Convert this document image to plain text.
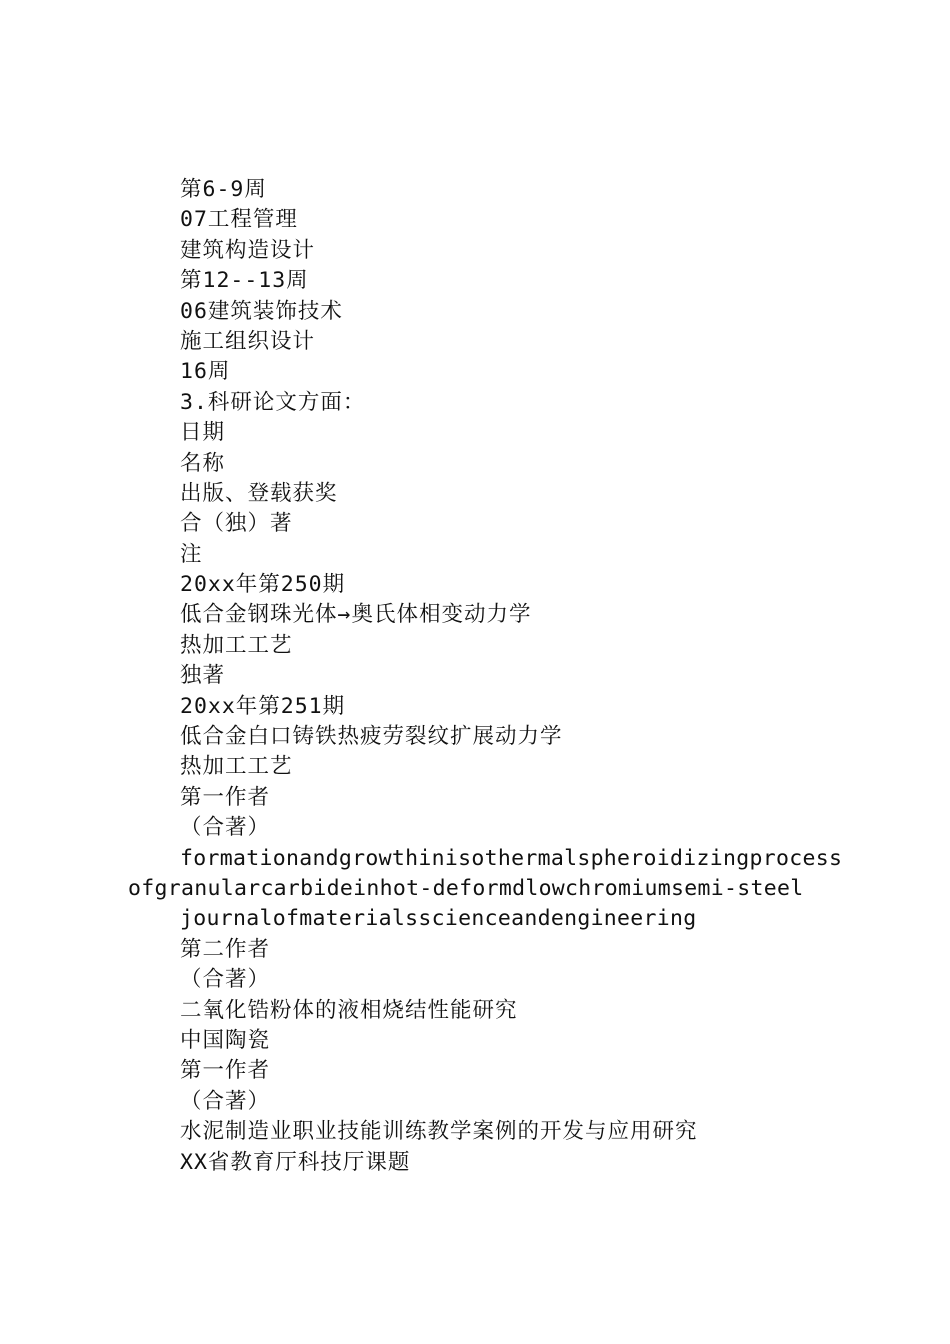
第6-9周
07工程管理
建筑构造设计
第12--13周
06建筑装饰技术
施工组织设计
16周
3.科研论文方面：
日期
名称
出版、登载获奖
合（独）著
注
20xx年第250期
低合金钢珠光体→奥氏体相变动力学
热加工工艺
独著
20xx年第251期
低合金白口铸铁热疲劳裂纹扩展动力学
热加工工艺
第一作者
（合著）
formationandgrowthinisothermalspheroidizingprocessofgranularcarbideinhot-deformdlowchromiumsemi-steel
journalofmaterialsscienceandengineering
第二作者
（合著）
二氧化锆粉体的液相烧结性能研究
中国陶瓷
第一作者
（合著）
水泥制造业职业技能训练教学案例的开发与应用研究
XX省教育厅科技厅课题
